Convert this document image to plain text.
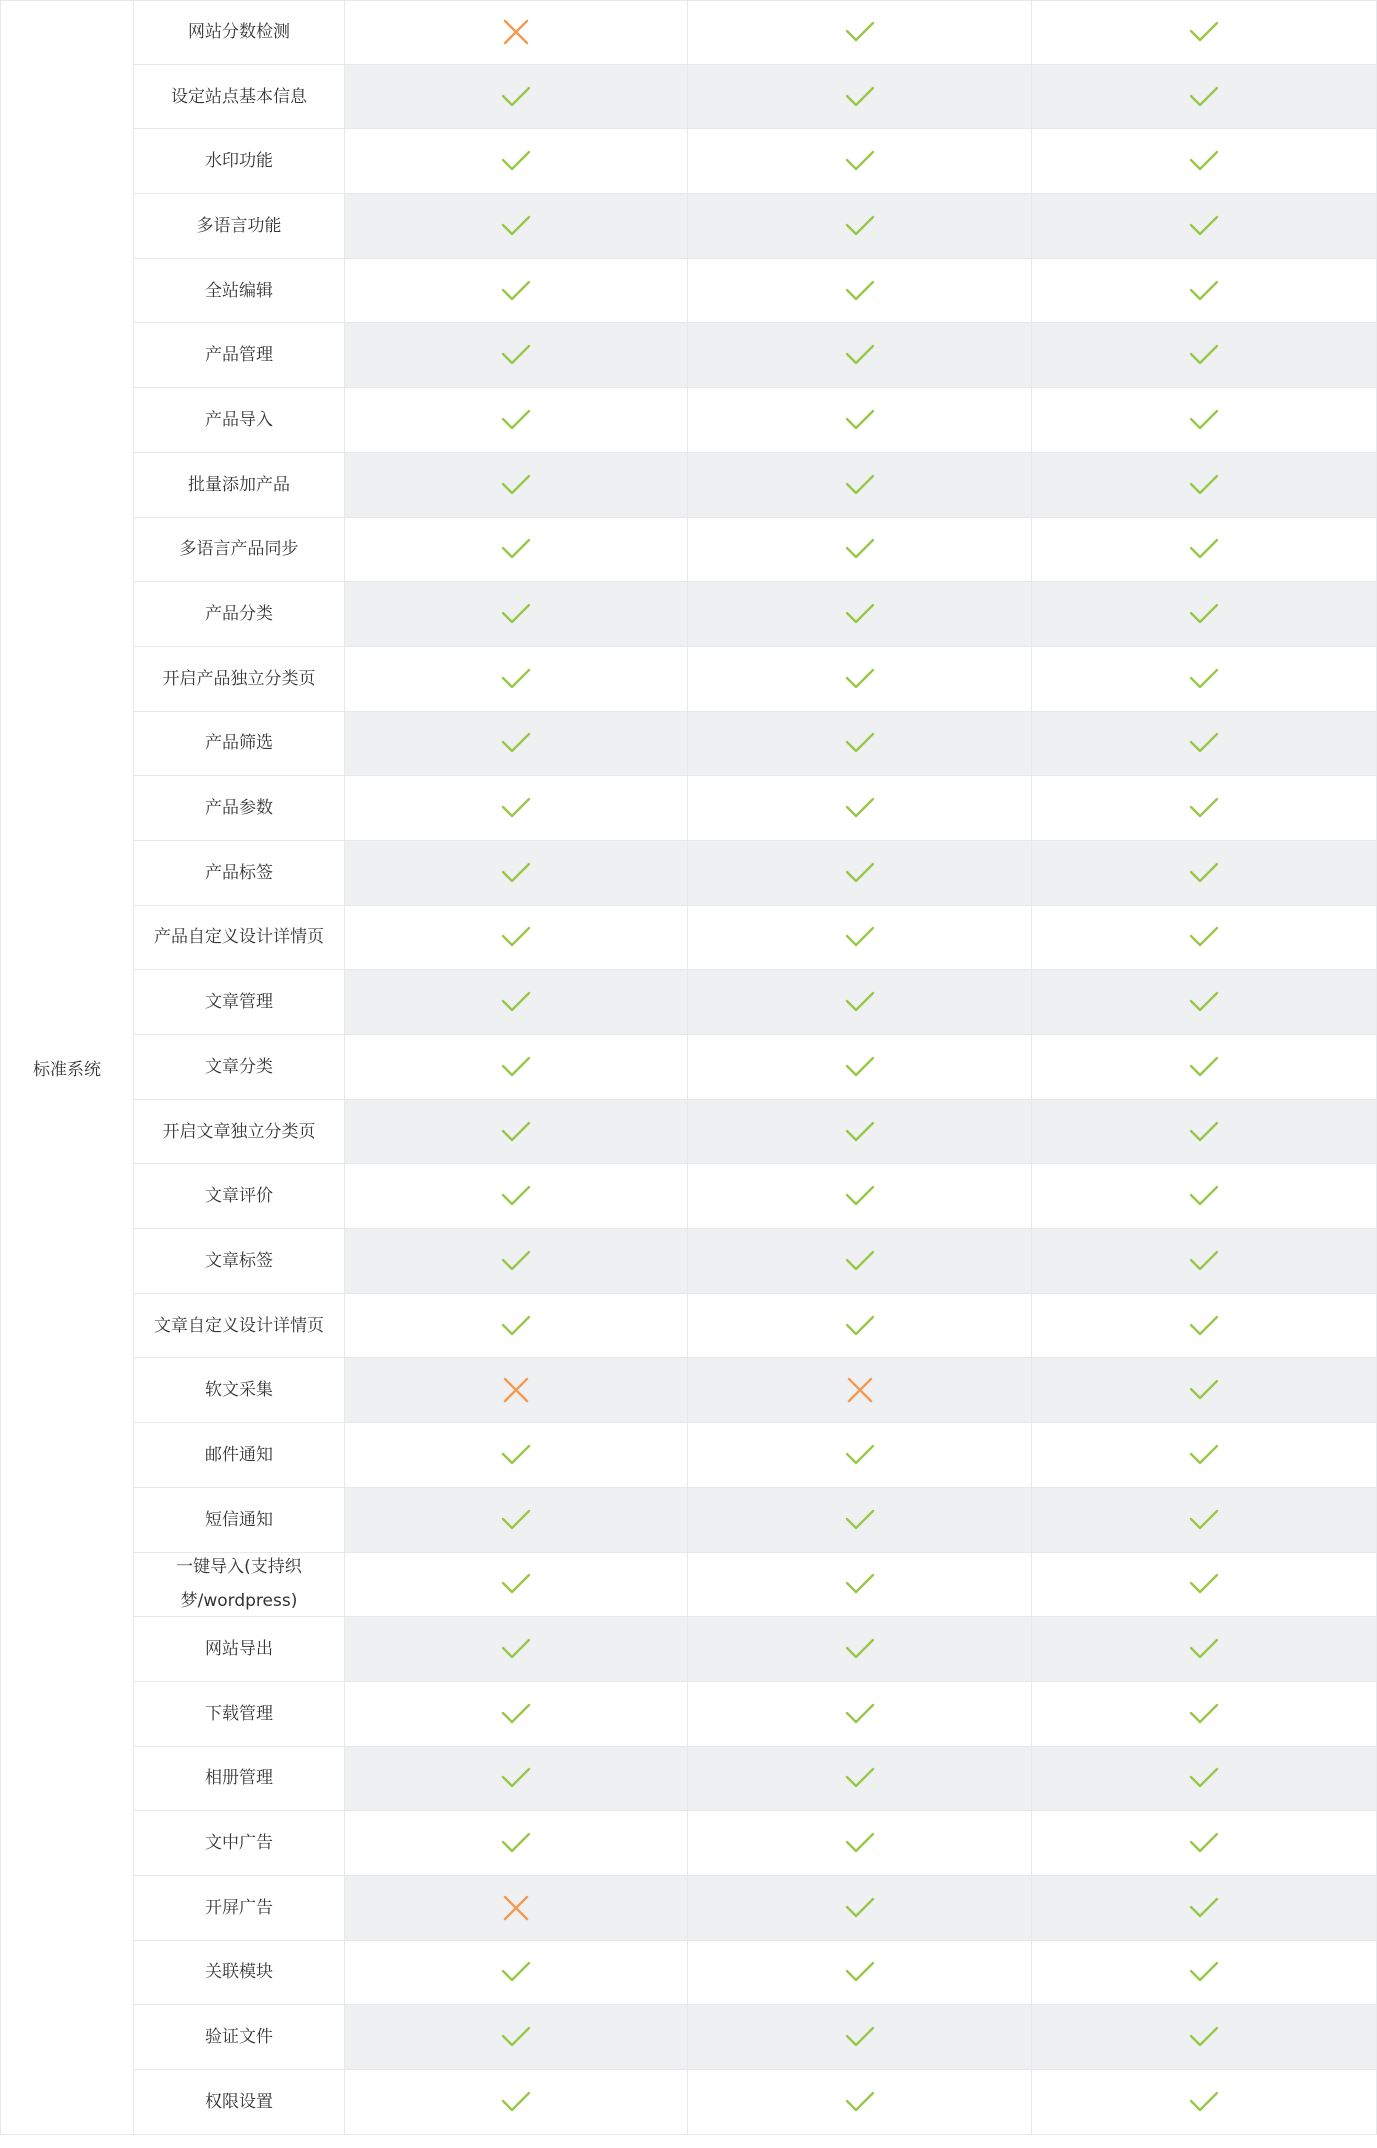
标准系统
网站分数检测
设定站点基本信息
水印功能
多语言功能
全站编辑
产品管理
产品导入
批量添加产品
多语言产品同步
产品分类
开启产品独立分类页
产品筛选
产品参数
产品标签
产品自定义设计详情页
文章管理
文章分类
开启文章独立分类页
文章评价
文章标签
文章自定义设计详情页
软文采集
邮件通知
短信通知
一键导入(支持织梦/wordpress)
网站导出
下载管理
相册管理
文中广告
开屏广告
关联模块
验证文件
权限设置
